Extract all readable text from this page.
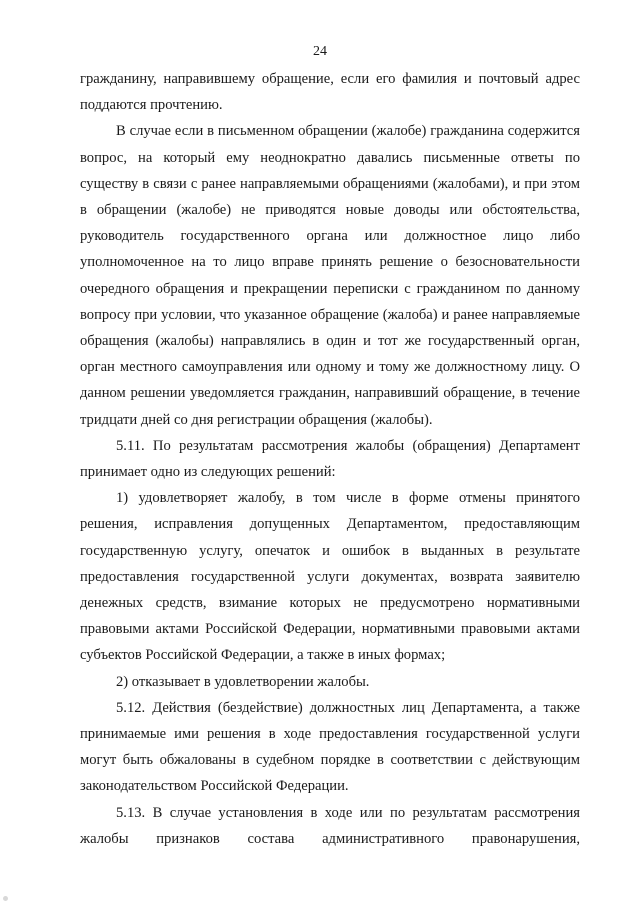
24

гражданину, направившему обращение, если его фамилия и почтовый адрес поддаются прочтению.

В случае если в письменном обращении (жалобе) гражданина содержится вопрос, на который ему неоднократно давались письменные ответы по существу в связи с ранее направляемыми обращениями (жалобами), и при этом в обращении (жалобе) не приводятся новые доводы или обстоятельства, руководитель государственного органа или должностное лицо либо уполномоченное на то лицо вправе принять решение о безосновательности очередного обращения и прекращении переписки с гражданином по данному вопросу при условии, что указанное обращение (жалоба) и ранее направляемые обращения (жалобы) направлялись в один и тот же государственный орган, орган местного самоуправления или одному и тому же должностному лицу. О данном решении уведомляется гражданин, направивший обращение, в течение тридцати дней со дня регистрации обращения (жалобы).

5.11. По результатам рассмотрения жалобы (обращения) Департамент принимает одно из следующих решений:

1) удовлетворяет жалобу, в том числе в форме отмены принятого решения, исправления допущенных Департаментом, предоставляющим государственную услугу, опечаток и ошибок в выданных в результате предоставления государственной услуги документах, возврата заявителю денежных средств, взимание которых не предусмотрено нормативными правовыми актами Российской Федерации, нормативными правовыми актами субъектов Российской Федерации, а также в иных формах;

2) отказывает в удовлетворении жалобы.

5.12. Действия (бездействие) должностных лиц Департамента, а также принимаемые ими решения в ходе предоставления государственной услуги могут быть обжалованы в судебном порядке в соответствии с действующим законодательством Российской Федерации.

5.13. В случае установления в ходе или по результатам рассмотрения жалобы признаков состава административного правонарушения,
